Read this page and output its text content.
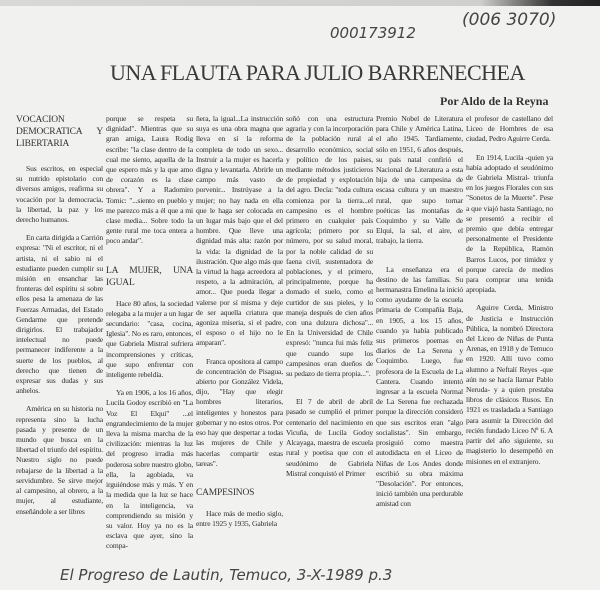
000173912
(006 3070)
UNA FLAUTA PARA JULIO BARRENECHEA
Por Aldo de la Reyna
VOCACION DEMOCRATICA Y LIBERTARIA

Sus escritos, en especial su nutrido epistolario con diversos amigos, reafirma su vocación por la democracia, la libertad, la paz y los derecho humanos.

En carta dirigida a Carrión expresa: "Ni el escritor, ni el artista, ni el sabio ni el estudiante pueden cumplir su misión en ensanchar las fronteras del espíritu si sobre ellos pesa la amenaza de las Fuerzas Armadas, del Estado Gendarme que pretende dirigirlos. El trabajador intelectual no puede permanecer indiferente a la suerte de los pueblos, al derecho que tienen de expresar sus dudas y sus anhelos.

América en su historia no representa sino la lucha pasada y presente de un mundo que busca en la libertad el triunfo del espíritu. Nuestro siglo no puede rebajarse de la libertad a la servidumbre. Se sirve mejor al campesino, al obrero, a la mujer, al estudiante, enseñándole a ser libres

porque se respeta su dignidad". Mientras que su gran amiga, Laura Rodig escribe: "la clase dentro de la cual me siento, aquella de la que espero más y la que amo de corazón es la clase obrera". Y a Radomiro Tomic: "...siento en pueblo y me parezco más a él que a mi clase media... Sobre todo la gente rural me toca entera a poco andar".

LA MUJER, UNA IGUAL

Hace 80 años, la sociedad relegaba a la mujer a un lugar secundario: "casa, cocina, Iglesia". No es raro, entonces, que Gabriela Mistral sufriera incomprensiones y críticas, que supo enfrentar con inteligente rebeldía.

Ya en 1906, a los 16 años, Lucila Godoy escribió en "La Voz El Elqui" ...el engrandecimiento de la mujer lleva la misma marcha de la civilización: mientras la luz del progreso irradia más poderosa sobre nuestro globo, ella, la agobiada, va irguiéndose más y más. Y en la medida que la luz se hace en la inteligencia, va comprendiendo su misión y su valor. Hoy ya no es la esclava que ayer, sino la compa-

ñera, la igual...La instrucción suya es una obra magna que lleva en sí la reforma completa de todo un sexo... Instruir a la mujer es hacerla digna y levantarla. Abrirle un campo más vasto de porvenir... Instrúyase a la mujer; no hay nada en ella que le haga ser colocada en un lugar más bajo que el del hombre. Que lleve una dignidad más alta: razón por la vida: la dignidad de la ilustración. Que algo más que la virtud la haga acreedora al respeto, a la admiración, al amor... Que pueda llegar a valerse por sí misma y deje de ser aquella criatura que agoniza miseria, si el padre, el esposo o el hijo no le amparan".

Franca opositora al campo de concentración de Pisagua, abierto por González Videla, dijo, "Hay que elegir hombres literarios, inteligentes y honestos para gobernar y no estos otros. Por eso hay que despertar a todas las mujeres de Chile y hacerlas compartir estas tareas".

CAMPESINOS

Hace más de medio siglo, entre 1925 y 1935, Gabriela

soñó con una estructura agraria y con la incorporación de la población rural al desarrollo económico, social y político de los países, mediante métodos justicieros de propiedad y explotación del agro. Decía: "toda cultura comienza por la tierra...el campesino es el hombre primero en cualquier país agrícola; primero por su número, por su salud moral, por la noble calidad de su faena civil, sustentadora de poblaciones, y el primero, principalmente, porque ha domado el suelo, como el curtidor de sus pieles, y lo maneja después de cien años con una dulzura dichosa"... En la Universidad de Chile expresó: "nunca fui más feliz que cuando supe los campesinos eran dueños de su pedazo de tierra propia...".

El 7 de abril de abril pasado se cumplió el primer centenario del nacimiento en Vicuña, de Lucila Godoy Alcayaga, maestra de escuela rural y poetisa que con el seudónimo de Gabriela Mistral conquistó el Primer

Premio Nobel de Literatura para Chile y América Latina, el año 1945. Tardíamente, sólo en 1951, 6 años después, su país natal confirió el Nacional de Literatura a esta hija de una campesina de escasa cultura y un maestro rural, que supo tornar poéticas las montañas de Coquimbo y su Valle de Elqui, la sal, el aire, el trabajo, la tierra.

La enseñanza era el destino de las familias. Su hermanastra Emelina la inició como ayudante de la escuela primaria de Compañía Baja, en 1905, a los 15 años, cuando ya había publicado sus primeros poemas en diarios de La Serena y Coquimbo. Luego, fue profesora de la Escuela de La Cantera. Cuando intentó ingresar a la escuela Normal de La Serena fue rechazada porque la dirección consideró que sus escritos eran "algo socialistas". Sin embargo, prosiguió como maestra autodidacta en el Liceo de Niñas de Los Andes donde escribió su obra máxima "Desolación". Por entonces, inició también una perdurable amistad con

el profesor de castellano del Liceo de Hombres de esa ciudad, Pedro Aguirre Cerda.

En 1914, Lucila -quien ya había adoptado el seudónimo de Gabriela Mistral- triunfa en los juegos Florales con sus "Sonetos de la Muerte". Pese a que viajó hasta Santiago, no se presentó a recibir el premio que debía entregar personalmente el Presidente de la República, Ramón Barros Lucos, por timidez y porque carecía de medios para comprar una tenida apropiada.

Aguirre Cerda, Ministro de Justicia e Instrucción Pública, la nombró Directora del Liceo de Niñas de Punta Arenas, en 1918 y de Temuco en 1920. Allí tuvo como alumno a Neftalí Reyes -que aún no se hacía llamar Pablo Neruda- y a quien prestaba libros de clásicos Rusos. En 1921 es trasladada a Santiago para asumir la Dirección del recién fundado Liceo Nº 6. A partir del año siguiente, su magisterio lo desempeñó en misiones en el extranjero.

El Progreso de Lautin, Temuco, 3-X-1989 p.3
